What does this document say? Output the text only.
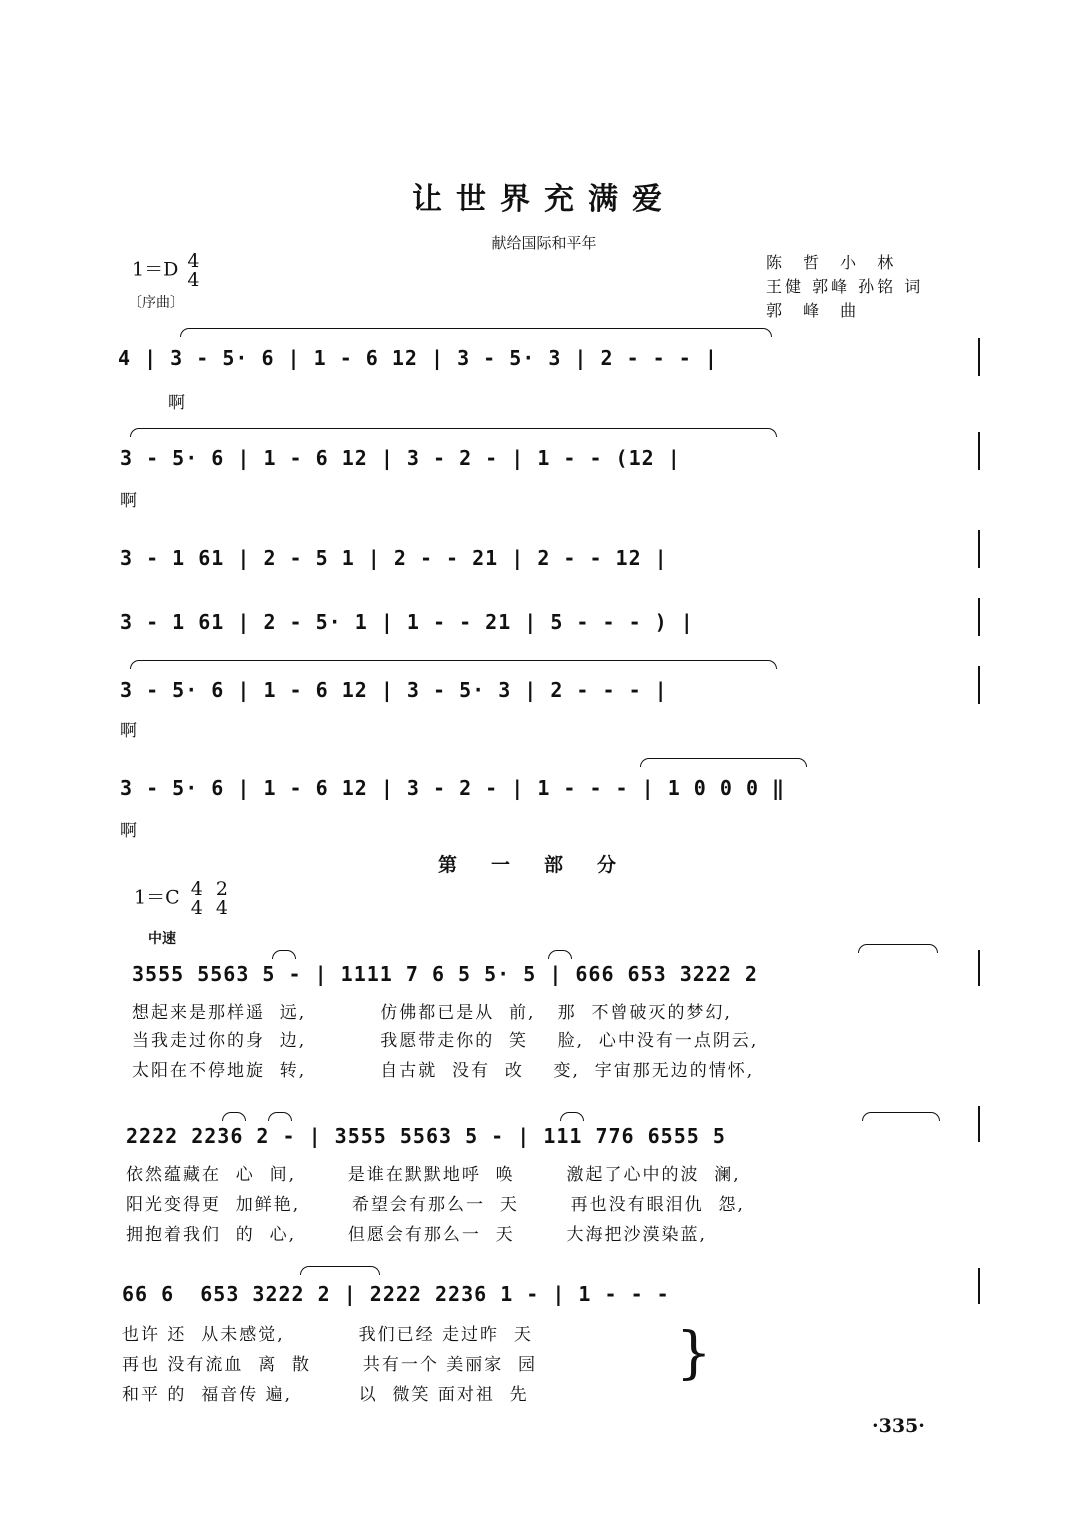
让世界充满爱
献给国际和平年
1＝D 4
4
〔序曲〕
陈 哲 小 林
王健 郭峰 孙铭 词
郭 峰 曲
4 | 3 - 5· 6 | 1 - 6 12 | 3 - 5· 3 | 2 - - - |
啊
3 - 5· 6 | 1 - 6 12 | 3 - 2 - | 1 - - (12 |
啊
3 - 1 61 | 2 - 5 1 | 2 - - 21 | 2 - - 12 |
3 - 1 61 | 2 - 5· 1 | 1 - - 21 | 5 - - - ) |
3 - 5· 6 | 1 - 6 12 | 3 - 5· 3 | 2 - - - |
啊
3 - 5· 6 | 1 - 6 12 | 3 - 2 - | 1 - - - | 1 0 0 0 ‖
啊
第一部分
1＝C 4
4

2
4
中速
3555 5563 5 - | 1111 7 6 5 5· 5 | 666 653 3222 2
想起来是那样遥  远,          仿佛都已是从  前,   那  不曾破灭的梦幻,
当我走过你的身  边,          我愿带走你的  笑    脸,  心中没有一点阴云,
太阳在不停地旋  转,          自古就  没有  改    变,  宇宙那无边的情怀,
2222 2236 2 - | 3555 5563 5 - | 111 776 6555 5
依然蕴藏在  心  间,       是谁在默默地呼  唤       激起了心中的波  澜,
阳光变得更  加鲜艳,       希望会有那么一  天       再也没有眼泪仇  怨,
拥抱着我们  的  心,       但愿会有那么一  天       大海把沙漠染蓝,
66 6  653 3222 2 | 2222 2236 1 - | 1 - - -
也许 还  从未感觉,          我们已经 走过昨  天
再也 没有流血  离  散       共有一个 美丽家  园
和平 的  福音传 遍,         以  微笑 面对祖  先
}
·335·
